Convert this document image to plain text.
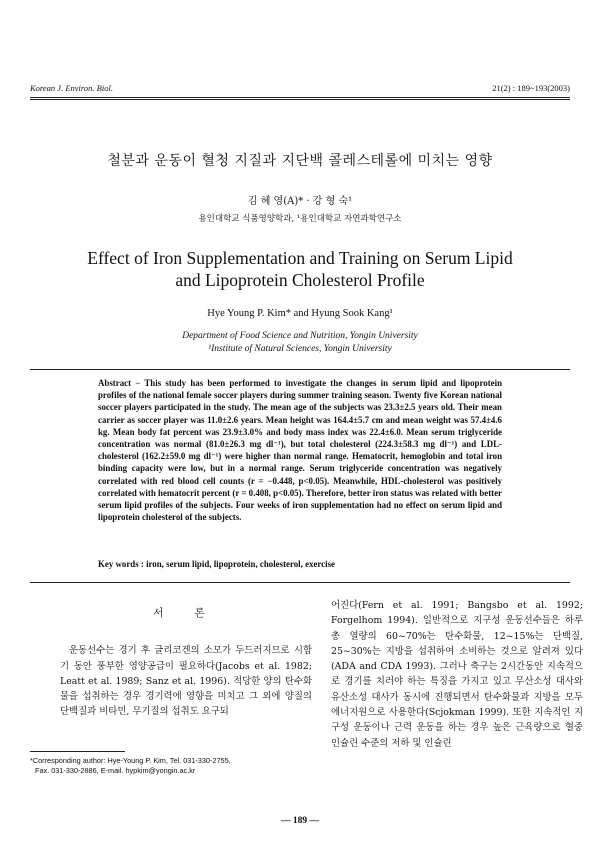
Korean J. Environ. Biol.	21(2) : 189~193(2003)
철분과 운동이 혈청 지질과 지단백 콜레스테롤에 미치는 영향
김 혜 영(A)* · 강 형 숙¹
용인대학교 식품영양학과, ¹용인대학교 자연과학연구소
Effect of Iron Supplementation and Training on Serum Lipid
and Lipoprotein Cholesterol Profile
Hye Young P. Kim* and Hyung Sook Kang¹
Department of Food Science and Nutrition, Yongin University
¹Institute of Natural Sciences, Yongin University
Abstract − This study has been performed to investigate the changes in serum lipid and lipoprotein profiles of the national female soccer players during summer training season. Twenty five Korean national soccer players participated in the study. The mean age of the subjects was 23.3±2.5 years old. Their mean carrier as soccer player was 11.0±2.6 years. Mean height was 164.4±5.7 cm and mean weight was 57.4±4.6 kg. Mean body fat percent was 23.9±3.0% and body mass index was 22.4±6.0. Mean serum triglyceride concentration was normal (81.0±26.3 mg dl⁻¹), but total cholesterol (224.3±58.3 mg dl⁻¹) and LDL-cholesterol (162.2±59.0 mg dl⁻¹) were higher than normal range. Hematocrit, hemoglobin and total iron binding capacity were low, but in a normal range. Serum triglyceride concentration was negatively correlated with red blood cell counts (r = −0.448, p<0.05). Meanwhile, HDL-cholesterol was positively correlated with hematocrit percent (r = 0.408, p<0.05). Therefore, better iron status was related with better serum lipid profiles of the subjects. Four weeks of iron supplementation had no effect on serum lipid and lipoprotein cholesterol of the subjects.
Key words : iron, serum lipid, lipoprotein, cholesterol, exercise
서 론

운동선수는 경기 후 글리코겐의 소모가 두드러지므로 시합기 동안 풍부한 영양공급이 필요하다(Jacobs et al. 1982; Leatt et al. 1989; Sanz et al. 1996). 적당한 양의 탄수화물을 섭취하는 경우 경기력에 영향을 미치고 그 외에 양질의 단백질과 비타민, 무기질의 섭취도 요구되

어진다(Fern et al. 1991; Bangsbo et al. 1992; Forgelhom 1994). 일반적으로 지구성 운동선수들은 하루 총 열량의 60~70%는 탄수화물, 12~15%는 단백질, 25~30%는 지방을 섭취하여 소비하는 것으로 알려져 있다(ADA and CDA 1993). 그러나 축구는 2시간동안 지속적으로 경기를 치러야 하는 특징을 가지고 있고 무산소성 대사와 유산소성 대사가 동시에 진행되면서 탄수화물과 지방을 모두 에너지원으로 사용한다(Scjokman 1999). 또한 지속적인 지구성 운동이나 근력 운동을 하는 경우 높은 근육량으로 혈중 인슐린 수준의 저하 및 인슐린

*Corresponding author: Hye-Young P. Kim, Tel. 031-330-2755,
Fax. 031-330-2886, E-mail. hypkim@yongin.ac.kr
— 189 —
